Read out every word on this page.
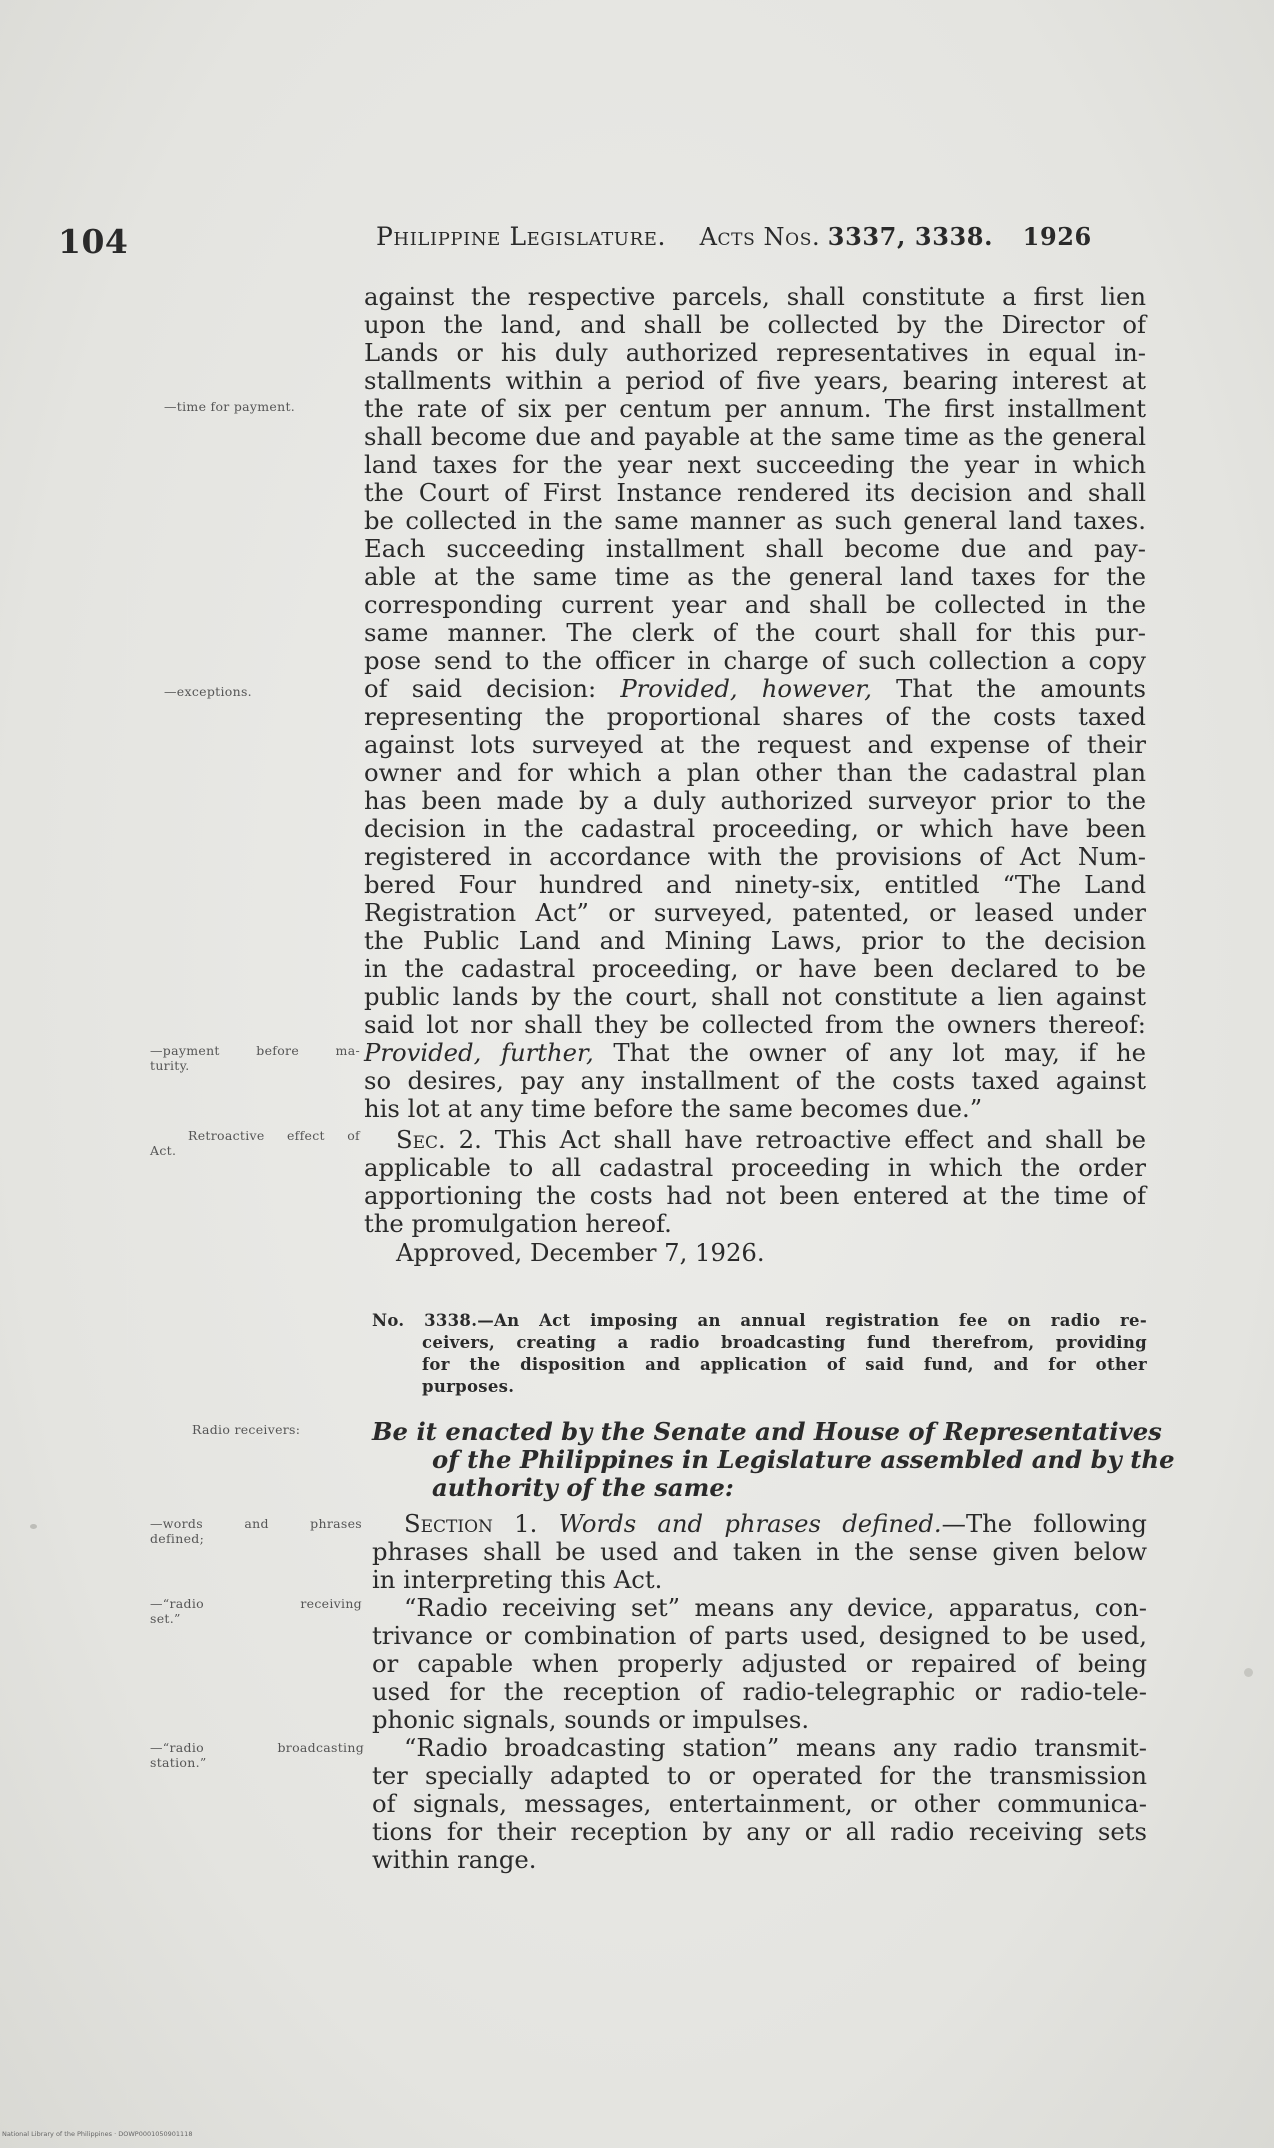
104	Philippine Legislature. Acts Nos. 3337, 3338. 1926
against the respective parcels, shall constitute a first lien
upon the land, and shall be collected by the Director of
Lands or his duly authorized representatives in equal in-
stallments within a period of five years, bearing interest at
the rate of six per centum per annum. The first installment
shall become due and payable at the same time as the general
land taxes for the year next succeeding the year in which
the Court of First Instance rendered its decision and shall
be collected in the same manner as such general land taxes.
Each succeeding installment shall become due and pay-
able at the same time as the general land taxes for the
corresponding current year and shall be collected in the
same manner. The clerk of the court shall for this pur-
pose send to the officer in charge of such collection a copy
of said decision: Provided, however, That the amounts
representing the proportional shares of the costs taxed
against lots surveyed at the request and expense of their
owner and for which a plan other than the cadastral plan
has been made by a duly authorized surveyor prior to the
decision in the cadastral proceeding, or which have been
registered in accordance with the provisions of Act Num-
bered Four hundred and ninety-six, entitled “The Land
Registration Act” or surveyed, patented, or leased under
the Public Land and Mining Laws, prior to the decision
in the cadastral proceeding, or have been declared to be
public lands by the court, shall not constitute a lien against
said lot nor shall they be collected from the owners thereof:
Provided, further, That the owner of any lot may, if he
so desires, pay any installment of the costs taxed against
his lot at any time before the same becomes due.”
Sec. 2. This Act shall have retroactive effect and shall be
applicable to all cadastral proceeding in which the order
apportioning the costs had not been entered at the time of
the promulgation hereof.
Approved, December 7, 1926.
No. 3338.—An Act imposing an annual registration fee on radio re-
ceivers, creating a radio broadcasting fund therefrom, providing
for the disposition and application of said fund, and for other
purposes.
Be it enacted by the Senate and House of Representatives
of the Philippines in Legislature assembled and by the
authority of the same:
Section 1. Words and phrases defined.—The following
phrases shall be used and taken in the sense given below
in interpreting this Act.
“Radio receiving set” means any device, apparatus, con-
trivance or combination of parts used, designed to be used,
or capable when properly adjusted or repaired of being
used for the reception of radio-telegraphic or radio-tele-
phonic signals, sounds or impulses.
“Radio broadcasting station” means any radio transmit-
ter specially adapted to or operated for the transmission
of signals, messages, entertainment, or other communica-
tions for their reception by any or all radio receiving sets
within range.
—time for payment.
—exceptions.
—payment before ma-
turity.
Retroactive effect of
Act.
Radio receivers:
—words and phrases
defined;
—“radio receiving
set.”
—“radio broadcasting
station.”
National Library of the Philippines · DOWP0001050901118
